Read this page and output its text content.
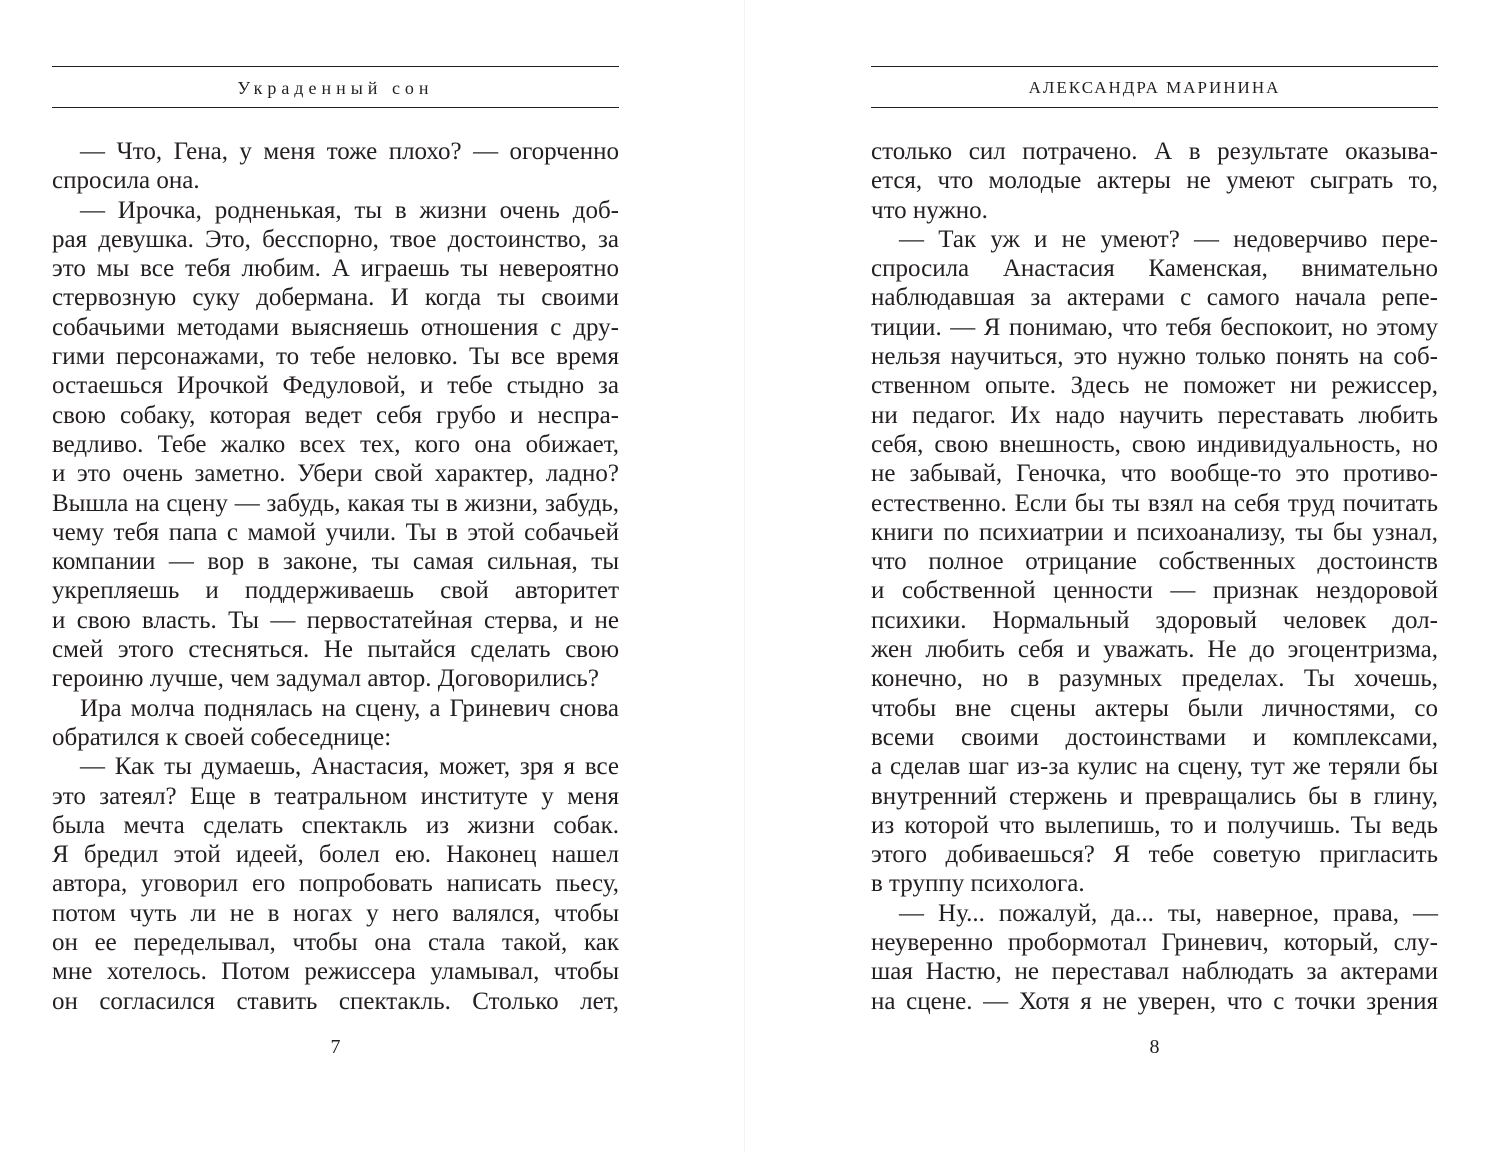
Украденный сон
— Что, Гена, у меня тоже плохо? — огорченно
спросила она.
— Ирочка, родненькая, ты в жизни очень доб-
рая девушка. Это, бесспорно, твое достоинство, за
это мы все тебя любим. А играешь ты невероятно
стервозную суку добермана. И когда ты своими
собачьими методами выясняешь отношения с дру-
гими персонажами, то тебе неловко. Ты все время
остаешься Ирочкой Федуловой, и тебе стыдно за
свою собаку, которая ведет себя грубо и неспра-
ведливо. Тебе жалко всех тех, кого она обижает,
и это очень заметно. Убери свой характер, ладно?
Вышла на сцену — забудь, какая ты в жизни, забудь,
чему тебя папа с мамой учили. Ты в этой собачьей
компании — вор в законе, ты самая сильная, ты
укрепляешь и поддерживаешь свой авторитет
и свою власть. Ты — первостатейная стерва, и не
смей этого стесняться. Не пытайся сделать свою
героиню лучше, чем задумал автор. Договорились?
Ира молча поднялась на сцену, а Гриневич снова
обратился к своей собеседнице:
— Как ты думаешь, Анастасия, может, зря я все
это затеял? Еще в театральном институте у меня
была мечта сделать спектакль из жизни собак.
Я бредил этой идеей, болел ею. Наконец нашел
автора, уговорил его попробовать написать пьесу,
потом чуть ли не в ногах у него валялся, чтобы
он ее переделывал, чтобы она стала такой, как
мне хотелось. Потом режиссера уламывал, чтобы
он согласился ставить спектакль. Столько лет,
7
АЛЕКСАНДРА МАРИНИНА
столько сил потрачено. А в результате оказыва-
ется, что молодые актеры не умеют сыграть то,
что нужно.
— Так уж и не умеют? — недоверчиво пере-
спросила Анастасия Каменская, внимательно
наблюдавшая за актерами с самого начала репе-
тиции. — Я понимаю, что тебя беспокоит, но этому
нельзя научиться, это нужно только понять на соб-
ственном опыте. Здесь не поможет ни режиссер,
ни педагог. Их надо научить переставать любить
себя, свою внешность, свою индивидуальность, но
не забывай, Геночка, что вообще-то это противо-
естественно. Если бы ты взял на себя труд почитать
книги по психиатрии и психоанализу, ты бы узнал,
что полное отрицание собственных достоинств
и собственной ценности — признак нездоровой
психики. Нормальный здоровый человек дол-
жен любить себя и уважать. Не до эгоцентризма,
конечно, но в разумных пределах. Ты хочешь,
чтобы вне сцены актеры были личностями, со
всеми своими достоинствами и комплексами,
а сделав шаг из-за кулис на сцену, тут же теряли бы
внутренний стержень и превращались бы в глину,
из которой что вылепишь, то и получишь. Ты ведь
этого добиваешься? Я тебе советую пригласить
в труппу психолога.
— Ну... пожалуй, да... ты, наверное, права, —
неуверенно пробормотал Гриневич, который, слу-
шая Настю, не переставал наблюдать за актерами
на сцене. — Хотя я не уверен, что с точки зрения
8
